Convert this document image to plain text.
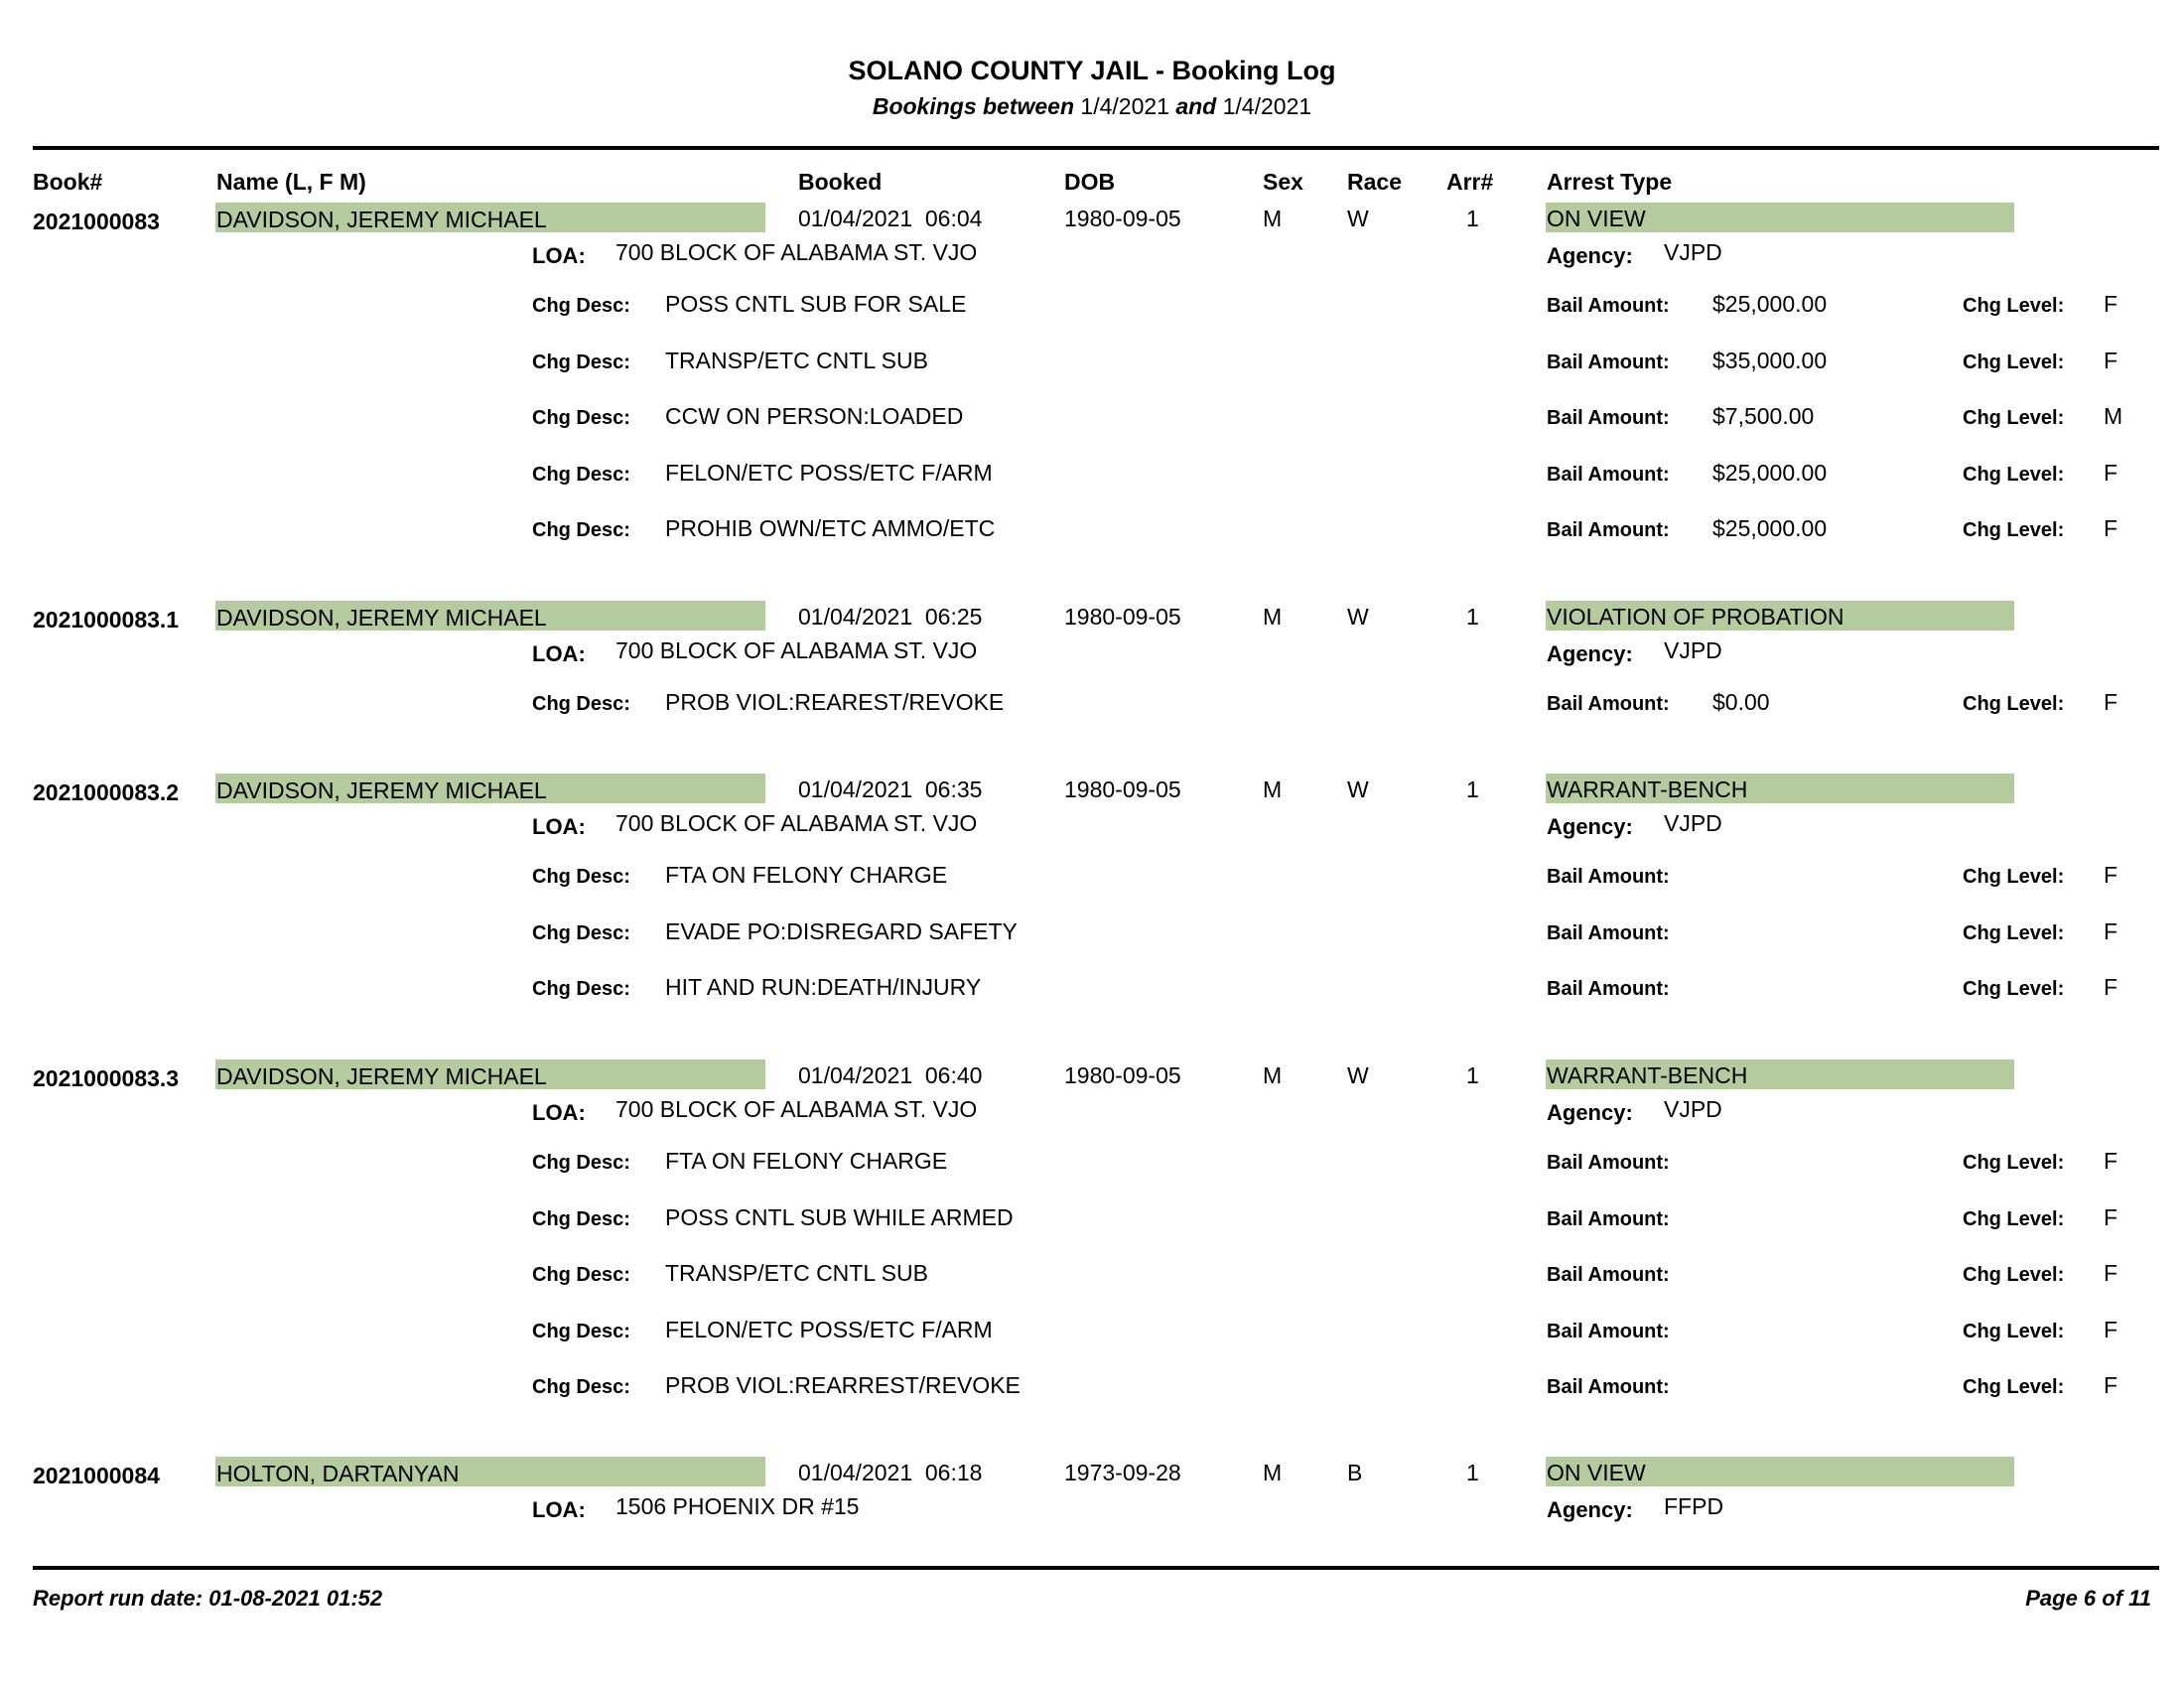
SOLANO COUNTY JAIL - Booking Log
Bookings between 1/4/2021 and 1/4/2021
Book#	Name (L, F M)	Booked	DOB	Sex Race Arr# Arrest Type
2021000083 DAVIDSON, JEREMY MICHAEL	01/04/2021  06:04	1980-09-05	M	W	1	ON VIEW
LOA: 700 BLOCK OF ALABAMA ST. VJO	Agency: VJPD
Chg Desc: POSS CNTL SUB FOR SALE	Bail Amount: $25,000.00	Chg Level: F
Chg Desc: TRANSP/ETC CNTL SUB	Bail Amount: $35,000.00	Chg Level: F
Chg Desc: CCW ON PERSON:LOADED	Bail Amount: $7,500.00	Chg Level: M
Chg Desc: FELON/ETC POSS/ETC F/ARM	Bail Amount: $25,000.00	Chg Level: F
Chg Desc: PROHIB OWN/ETC AMMO/ETC	Bail Amount: $25,000.00	Chg Level: F
2021000083.1 DAVIDSON, JEREMY MICHAEL	01/04/2021  06:25	1980-09-05	M	W	1	VIOLATION OF PROBATION
LOA: 700 BLOCK OF ALABAMA ST. VJO	Agency: VJPD
Chg Desc: PROB VIOL:REAREST/REVOKE	Bail Amount: $0.00	Chg Level: F
2021000083.2 DAVIDSON, JEREMY MICHAEL	01/04/2021  06:35	1980-09-05	M	W	1	WARRANT-BENCH
LOA: 700 BLOCK OF ALABAMA ST. VJO	Agency: VJPD
Chg Desc: FTA ON FELONY CHARGE	Bail Amount:	Chg Level: F
Chg Desc: EVADE PO:DISREGARD SAFETY	Bail Amount:	Chg Level: F
Chg Desc: HIT AND RUN:DEATH/INJURY	Bail Amount:	Chg Level: F
2021000083.3 DAVIDSON, JEREMY MICHAEL	01/04/2021  06:40	1980-09-05	M	W	1	WARRANT-BENCH
LOA: 700 BLOCK OF ALABAMA ST. VJO	Agency: VJPD
Chg Desc: FTA ON FELONY CHARGE	Bail Amount:	Chg Level: F
Chg Desc: POSS CNTL SUB WHILE ARMED	Bail Amount:	Chg Level: F
Chg Desc: TRANSP/ETC CNTL SUB	Bail Amount:	Chg Level: F
Chg Desc: FELON/ETC POSS/ETC F/ARM	Bail Amount:	Chg Level: F
Chg Desc: PROB VIOL:REARREST/REVOKE	Bail Amount:	Chg Level: F
2021000084 HOLTON, DARTANYAN	01/04/2021  06:18	1973-09-28	M	B	1	ON VIEW
LOA: 1506 PHOENIX DR #15	Agency: FFPD
Report run date: 01-08-2021 01:52	Page 6 of 11
